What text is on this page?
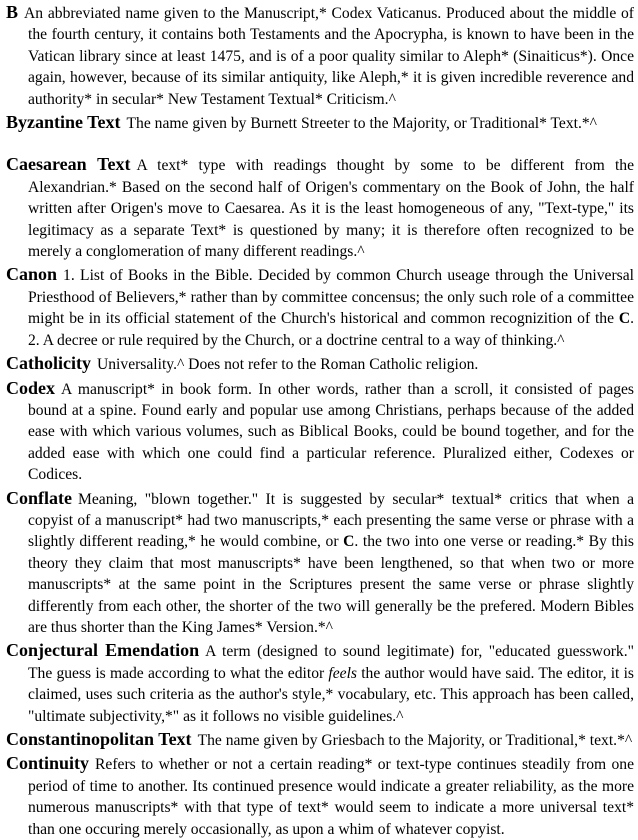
B An abbreviated name given to the Manuscript,* Codex Vaticanus. Produced about the middle of the fourth century, it contains both Testaments and the Apocrypha, is known to have been in the Vatican library since at least 1475, and is of a poor quality similar to Aleph* (Sinaiticus*). Once again, however, because of its similar antiquity, like Aleph,* it is given incredible reverence and authority* in secular* New Testament Textual* Criticism.^

Byzantine Text The name given by Burnett Streeter to the Majority, or Traditional* Text.*^

Caesarean Text A text* type with readings thought by some to be different from the Alexandrian.* Based on the second half of Origen's commentary on the Book of John, the half written after Origen's move to Caesarea. As it is the least homogeneous of any, "Text-type," its legitimacy as a separate Text* is questioned by many; it is therefore often recognized to be merely a conglomeration of many different readings.^

Canon 1. List of Books in the Bible. Decided by common Church useage through the Universal Priesthood of Believers,* rather than by committee concensus; the only such role of a committee might be in its official statement of the Church's historical and common recognizition of the C. 2. A decree or rule required by the Church, or a doctrine central to a way of thinking.^

Catholicity Universality.^ Does not refer to the Roman Catholic religion.

Codex A manuscript* in book form. In other words, rather than a scroll, it consisted of pages bound at a spine. Found early and popular use among Christians, perhaps because of the added ease with which various volumes, such as Biblical Books, could be bound together, and for the added ease with which one could find a particular reference. Pluralized either, Codexes or Codices.

Conflate Meaning, "blown together." It is suggested by secular* textual* critics that when a copyist of a manuscript* had two manuscripts,* each presenting the same verse or phrase with a slightly different reading,* he would combine, or C. the two into one verse or reading.* By this theory they claim that most manuscripts* have been lengthened, so that when two or more manuscripts* at the same point in the Scriptures present the same verse or phrase slightly differently from each other, the shorter of the two will generally be the prefered. Modern Bibles are thus shorter than the King James* Version.*^

Conjectural Emendation A term (designed to sound legitimate) for, "educated guesswork." The guess is made according to what the editor feels the author would have said. The editor, it is claimed, uses such criteria as the author's style,* vocabulary, etc. This approach has been called, "ultimate subjectivity,*" as it follows no visible guidelines.^

Constantinopolitan Text The name given by Griesbach to the Majority, or Traditional,* text.*^

Continuity Refers to whether or not a certain reading* or text-type continues steadily from one period of time to another. Its continued presence would indicate a greater reliability, as the more numerous manuscripts* with that type of text* would seem to indicate a more universal text* than one occuring merely occasionally, as upon a whim of whatever copyist.
